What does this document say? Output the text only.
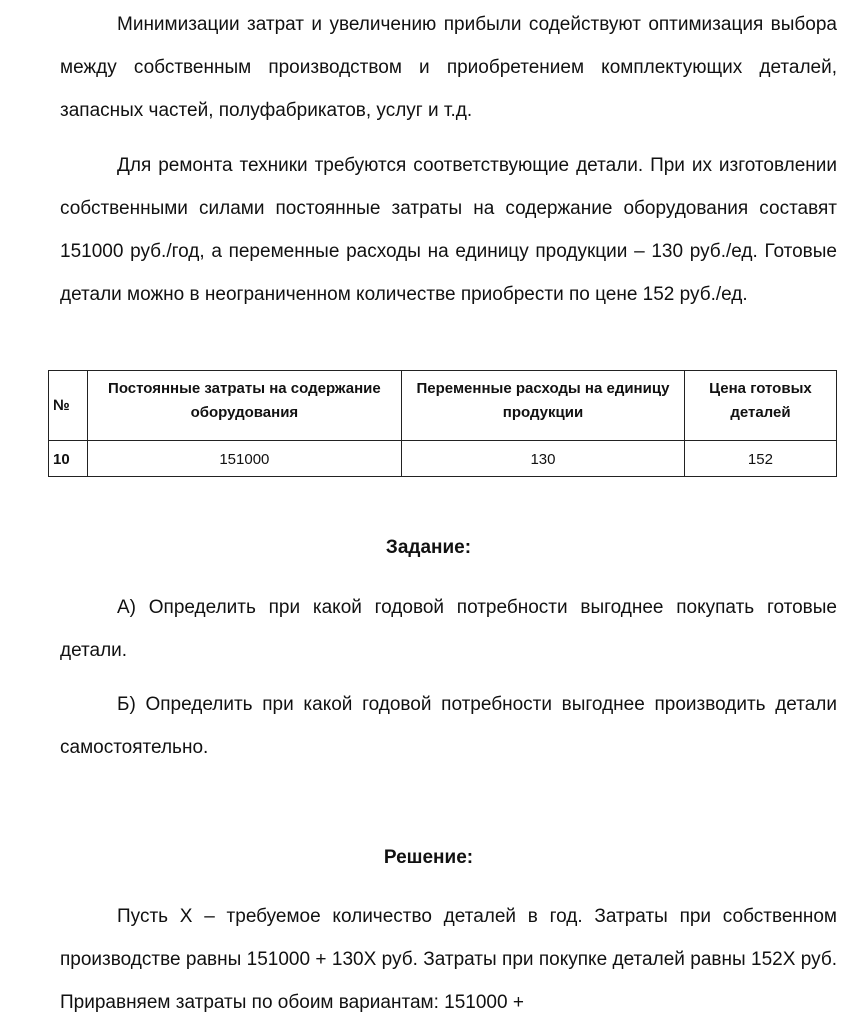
Минимизации затрат и увеличению прибыли содействуют оптимизация выбора между собственным производством и приобретением комплектующих деталей, запасных частей, полуфабрикатов, услуг и т.д.

Для ремонта техники требуются соответствующие детали. При их изготовлении собственными силами постоянные затраты на содержание оборудования составят 151000 руб./год, а переменные расходы на единицу продукции – 130 руб./ед. Готовые детали можно в неограниченном количестве приобрести по цене 152 руб./ед.

№	Постоянные затраты на содержание оборудования	Переменные расходы на единицу продукции	Цена готовых деталей
10	151000	130	152

Задание:

А) Определить при какой годовой потребности выгоднее покупать готовые детали.

Б) Определить при какой годовой потребности выгоднее производить детали самостоятельно.

Решение:

Пусть X – требуемое количество деталей в год. Затраты при собственном производстве равны 151000 + 130X руб. Затраты при покупке деталей равны 152X руб. Приравняем затраты по обоим вариантам: 151000 +
